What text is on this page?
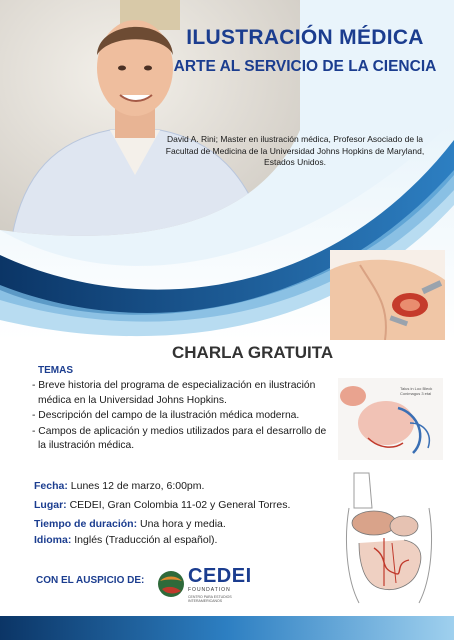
ILUSTRACIÓN MÉDICA
ARTE AL SERVICIO DE LA CIENCIA
David A. Rini; Master en ilustración médica, Profesor Asociado de la Facultad de Medicina de la Universidad Johns Hopkins de Maryland, Estados Unidos.
Talus in Loo Bleck
Conimagus 3 etal
CHARLA GRATUITA
TEMAS
- Breve historia del programa de especialización en ilustración médica en la Universidad Johns Hopkins.
- Descripción del campo de la ilustración médica moderna.
- Campos de aplicación y medios utilizados para el desarrollo de la ilustración médica.
Fecha: Lunes 12 de marzo, 6:00pm.
Lugar: CEDEI, Gran Colombia 11-02 y General Torres.
Tiempo de duración: Una hora y media.
Idioma: Inglés (Traducción al español).
CON EL AUSPICIO DE: CEDEI
FOUNDATION
CENTRO PARA ESTUDIOS INTERAMERICANOS
